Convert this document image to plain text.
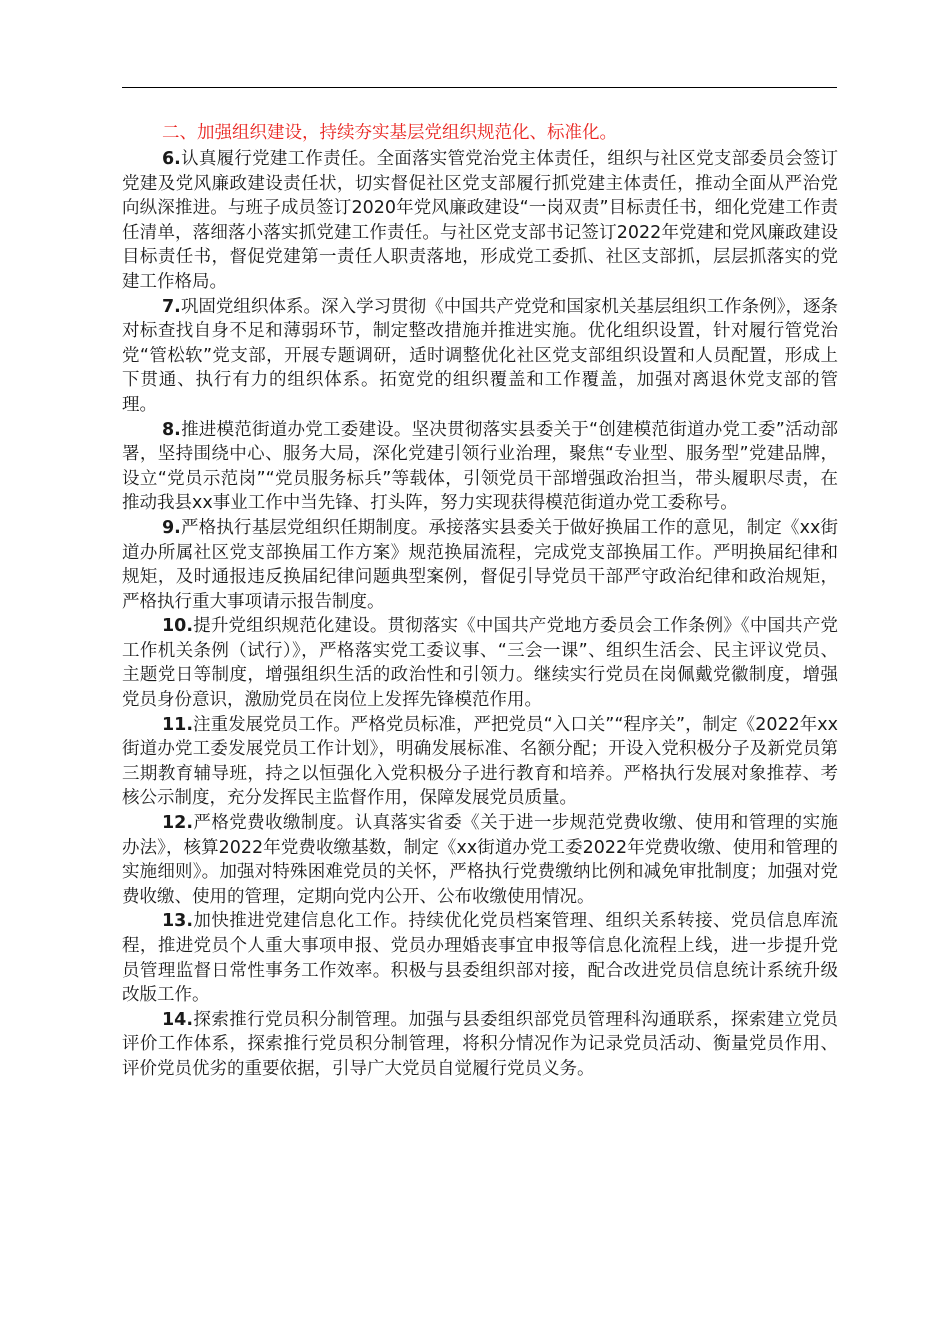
二、加强组织建设，持续夯实基层党组织规范化、标准化。

6.认真履行党建工作责任。全面落实管党治党主体责任，组织与社区党支部委员会签订党建及党风廉政建设责任状，切实督促社区党支部履行抓党建主体责任，推动全面从严治党向纵深推进。与班子成员签订2020年党风廉政建设“一岗双责”目标责任书，细化党建工作责任清单，落细落小落实抓党建工作责任。与社区党支部书记签订2022年党建和党风廉政建设目标责任书，督促党建第一责任人职责落地，形成党工委抓、社区支部抓，层层抓落实的党建工作格局。

7.巩固党组织体系。深入学习贯彻《中国共产党党和国家机关基层组织工作条例》，逐条对标查找自身不足和薄弱环节，制定整改措施并推进实施。优化组织设置，针对履行管党治党“管松软”党支部，开展专题调研，适时调整优化社区党支部组织设置和人员配置，形成上下贯通、执行有力的组织体系。拓宽党的组织覆盖和工作覆盖，加强对离退休党支部的管理。

8.推进模范街道办党工委建设。坚决贯彻落实县委关于“创建模范街道办党工委”活动部署，坚持围绕中心、服务大局，深化党建引领行业治理，聚焦“专业型、服务型”党建品牌，设立“党员示范岗”“党员服务标兵”等载体，引领党员干部增强政治担当，带头履职尽责，在推动我县xx事业工作中当先锋、打头阵，努力实现获得模范街道办党工委称号。

9.严格执行基层党组织任期制度。承接落实县委关于做好换届工作的意见，制定《xx街道办所属社区党支部换届工作方案》规范换届流程，完成党支部换届工作。严明换届纪律和规矩，及时通报违反换届纪律问题典型案例，督促引导党员干部严守政治纪律和政治规矩，严格执行重大事项请示报告制度。

10.提升党组织规范化建设。贯彻落实《中国共产党地方委员会工作条例》《中国共产党工作机关条例（试行）》，严格落实党工委议事、“三会一课”、组织生活会、民主评议党员、主题党日等制度，增强组织生活的政治性和引领力。继续实行党员在岗佩戴党徽制度，增强党员身份意识，激励党员在岗位上发挥先锋模范作用。

11.注重发展党员工作。严格党员标准，严把党员“入口关”“程序关”，制定《2022年xx街道办党工委发展党员工作计划》，明确发展标准、名额分配；开设入党积极分子及新党员第三期教育辅导班，持之以恒强化入党积极分子进行教育和培养。严格执行发展对象推荐、考核公示制度，充分发挥民主监督作用，保障发展党员质量。

12.严格党费收缴制度。认真落实省委《关于进一步规范党费收缴、使用和管理的实施办法》，核算2022年党费收缴基数，制定《xx街道办党工委2022年党费收缴、使用和管理的实施细则》。加强对特殊困难党员的关怀，严格执行党费缴纳比例和减免审批制度；加强对党费收缴、使用的管理，定期向党内公开、公布收缴使用情况。

13.加快推进党建信息化工作。持续优化党员档案管理、组织关系转接、党员信息库流程，推进党员个人重大事项申报、党员办理婚丧事宜申报等信息化流程上线，进一步提升党员管理监督日常性事务工作效率。积极与县委组织部对接，配合改进党员信息统计系统升级改版工作。

14.探索推行党员积分制管理。加强与县委组织部党员管理科沟通联系，探索建立党员评价工作体系，探索推行党员积分制管理，将积分情况作为记录党员活动、衡量党员作用、评价党员优劣的重要依据，引导广大党员自觉履行党员义务。
